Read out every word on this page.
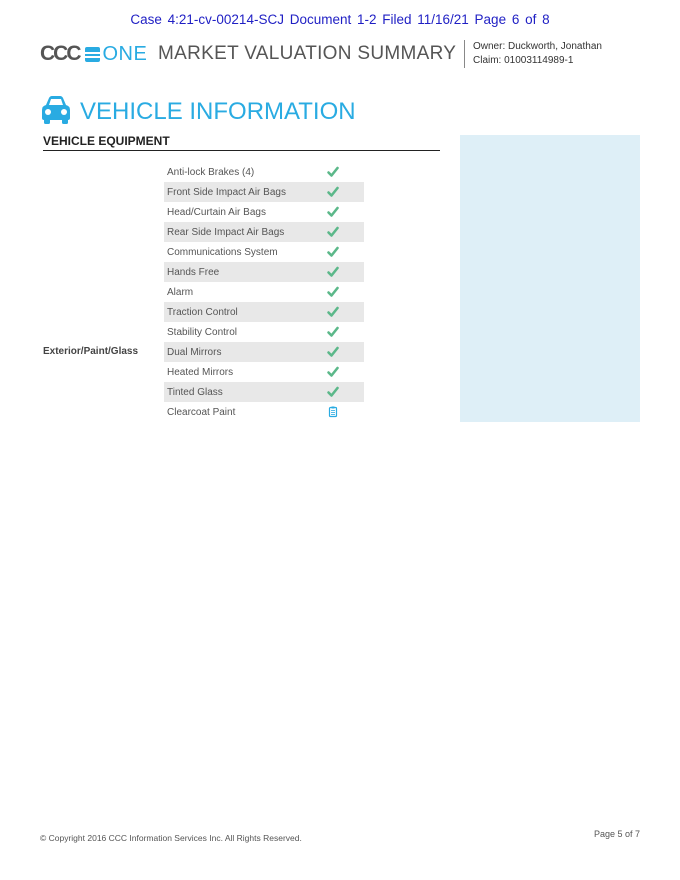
Case 4:21-cv-00214-SCJ Document 1-2 Filed 11/16/21 Page 6 of 8
CCC ONE MARKET VALUATION SUMMARY Owner: Duckworth, Jonathan
Claim: 01003114989-1
VEHICLE INFORMATION
VEHICLE EQUIPMENT
Exterior/Paint/Glass
Anti-lock Brakes (4)
Front Side Impact Air Bags
Head/Curtain Air Bags
Rear Side Impact Air Bags
Communications System
Hands Free
Alarm
Traction Control
Stability Control
Dual Mirrors
Heated Mirrors
Tinted Glass
Clearcoat Paint
© Copyright 2016 CCC Information Services Inc. All Rights Reserved.	Page 5 of 7
